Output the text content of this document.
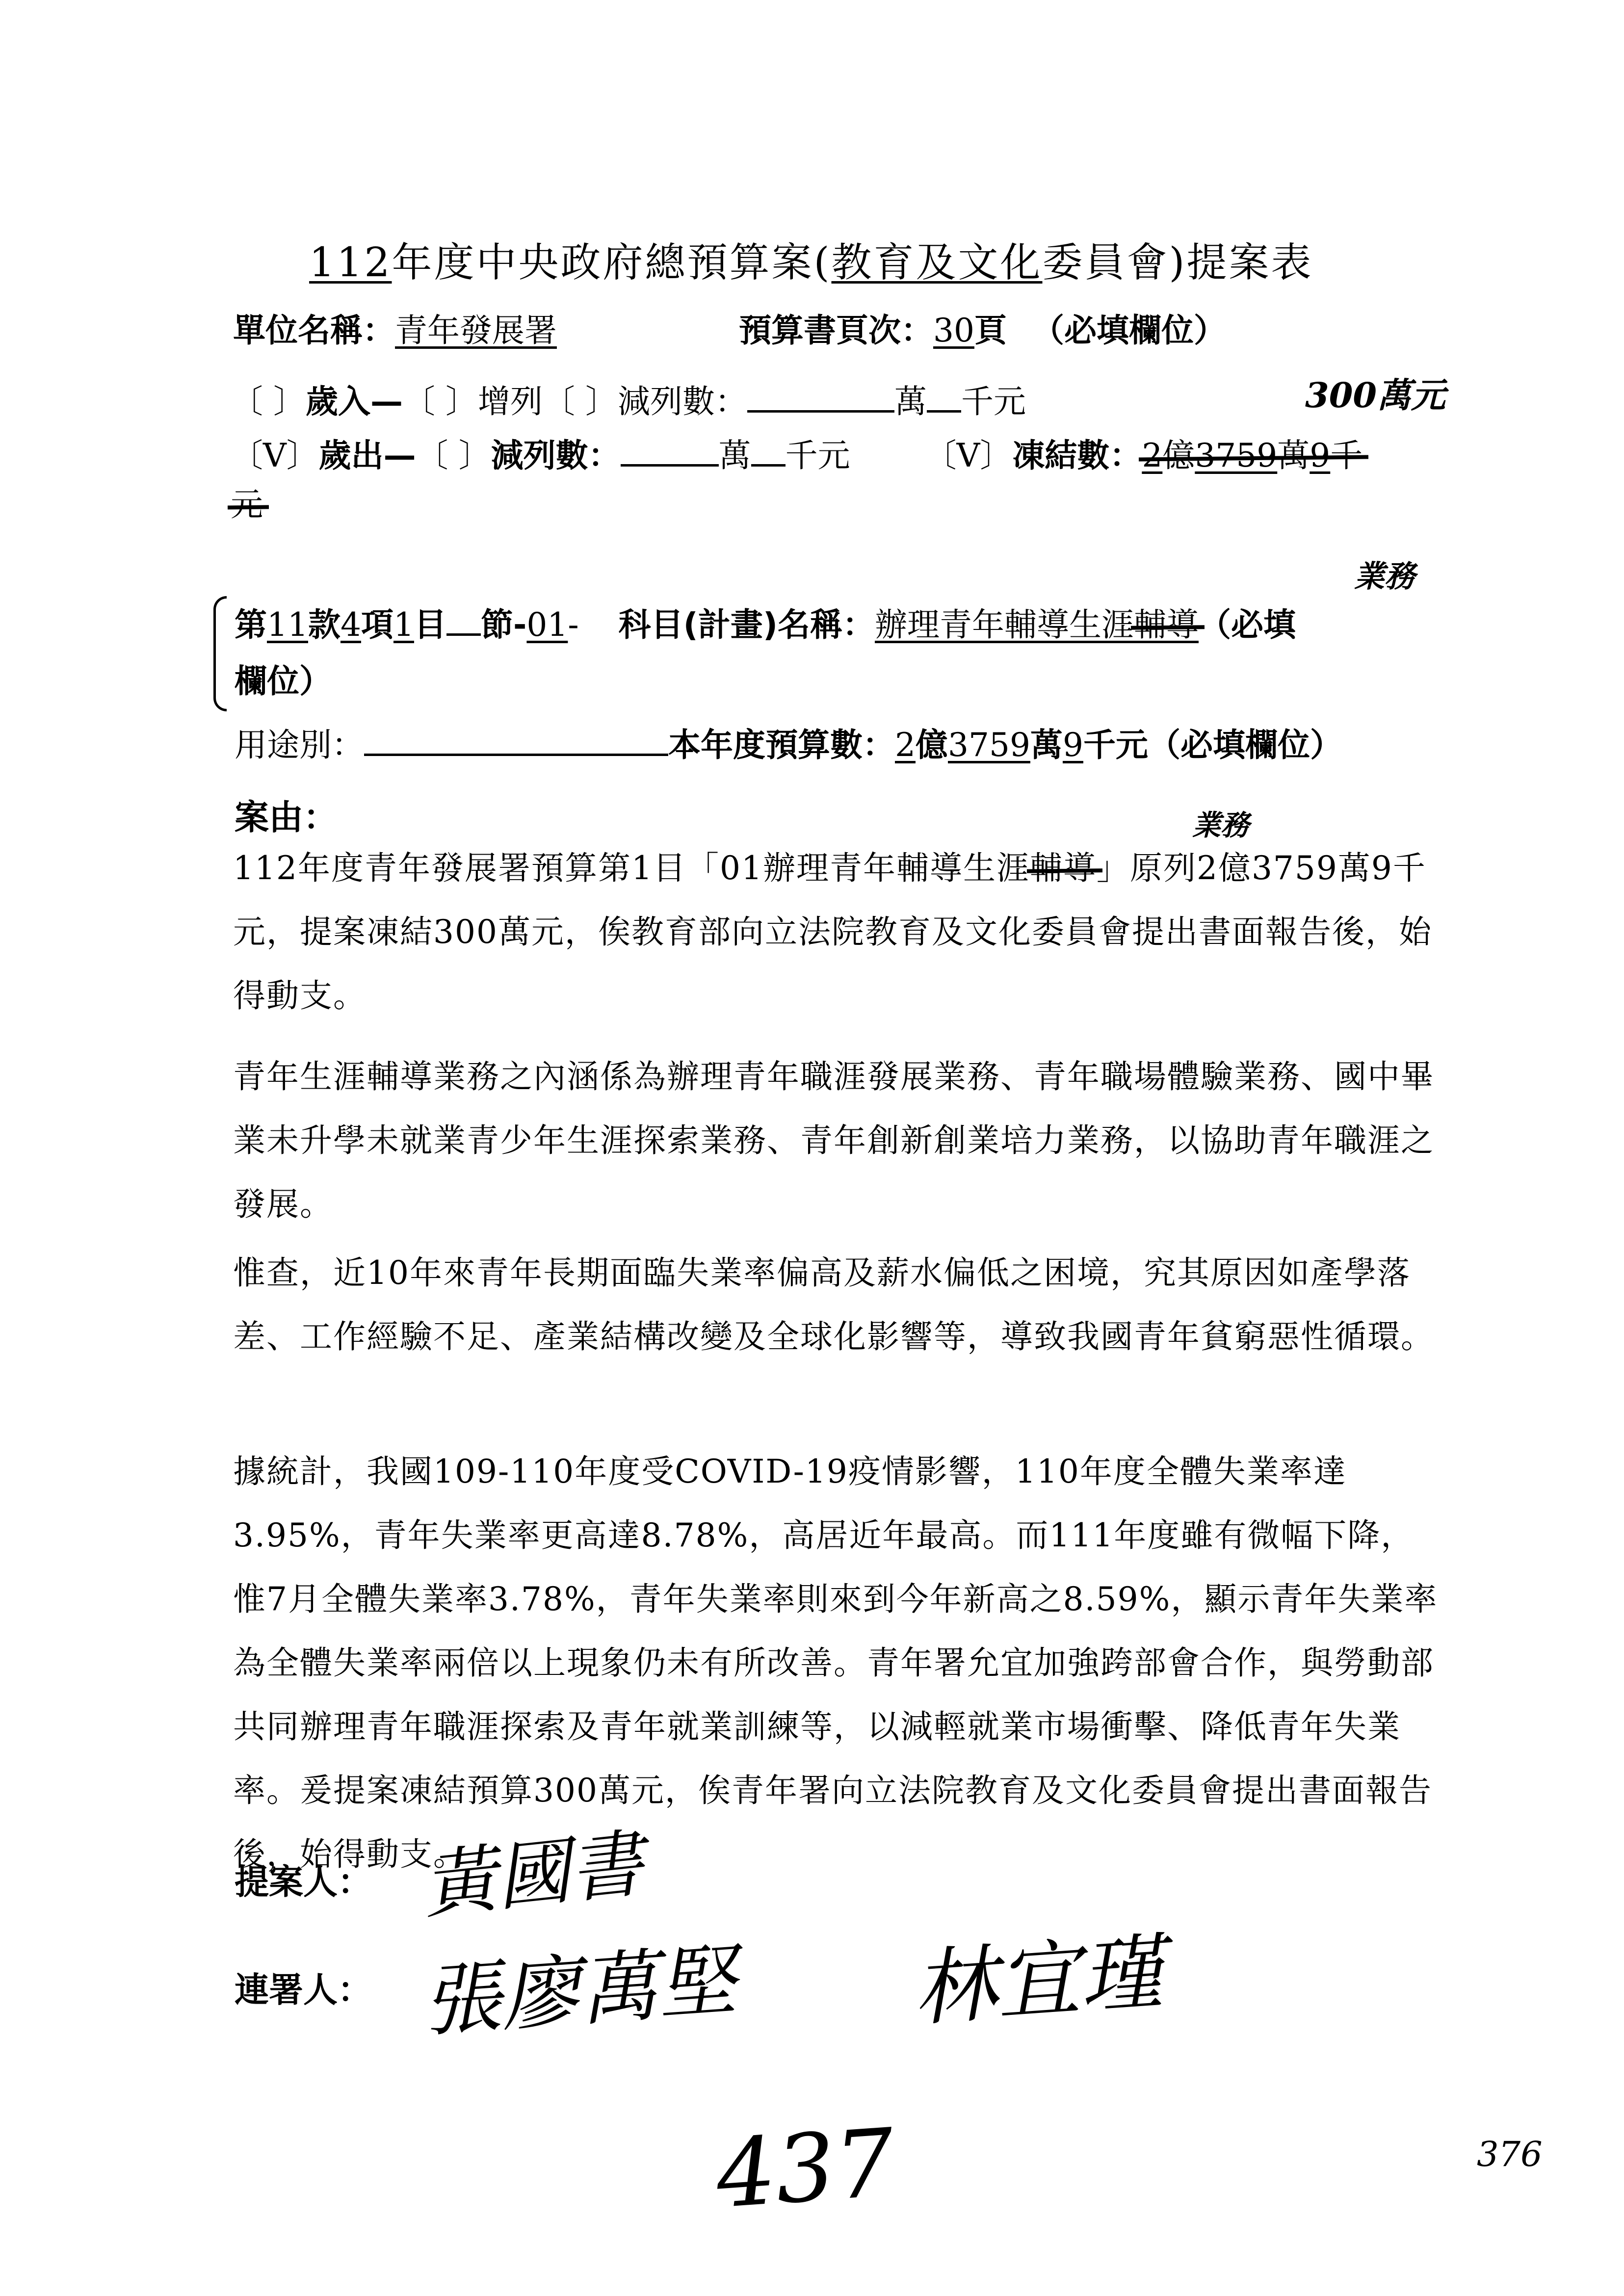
112年度中央政府總預算案(教育及文化委員會)提案表
單位名稱：青年發展署	預算書頁次：30頁 （必填欄位）
〔 〕歲入—〔 〕增列〔 〕減列數：	萬 千元	300萬元
〔V〕歲出—〔 〕減列數：	萬 千元 〔V〕凍結數：2億3759萬9千
元
業務
第11款4項1目 節-01- 科目(計畫)名稱：辦理青年輔導生涯輔導（必填
欄位）
用途別：	本年度預算數：2億3759萬9千元（必填欄位）
案由：	業務
112年度青年發展署預算第1目「01辦理青年輔導生涯輔導」原列2億3759萬9千元，提案凍結300萬元，俟教育部向立法院教育及文化委員會提出書面報告後，始得動支。
青年生涯輔導業務之內涵係為辦理青年職涯發展業務、青年職場體驗業務、國中畢業未升學未就業青少年生涯探索業務、青年創新創業培力業務，以協助青年職涯之發展。
惟查，近10年來青年長期面臨失業率偏高及薪水偏低之困境，究其原因如產學落差、工作經驗不足、產業結構改變及全球化影響等，導致我國青年貧窮惡性循環。
據統計，我國109-110年度受COVID-19疫情影響，110年度全體失業率達3.95%，青年失業率更高達8.78%，高居近年最高。而111年度雖有微幅下降，惟7月全體失業率3.78%，青年失業率則來到今年新高之8.59%，顯示青年失業率為全體失業率兩倍以上現象仍未有所改善。青年署允宜加強跨部會合作，與勞動部共同辦理青年職涯探索及青年就業訓練等，以減輕就業市場衝擊、降低青年失業率。爰提案凍結預算300萬元，俟青年署向立法院教育及文化委員會提出書面報告後，始得動支。
提案人： 黃國書
連署人： 張廖萬堅 林宜瑾
437	376
